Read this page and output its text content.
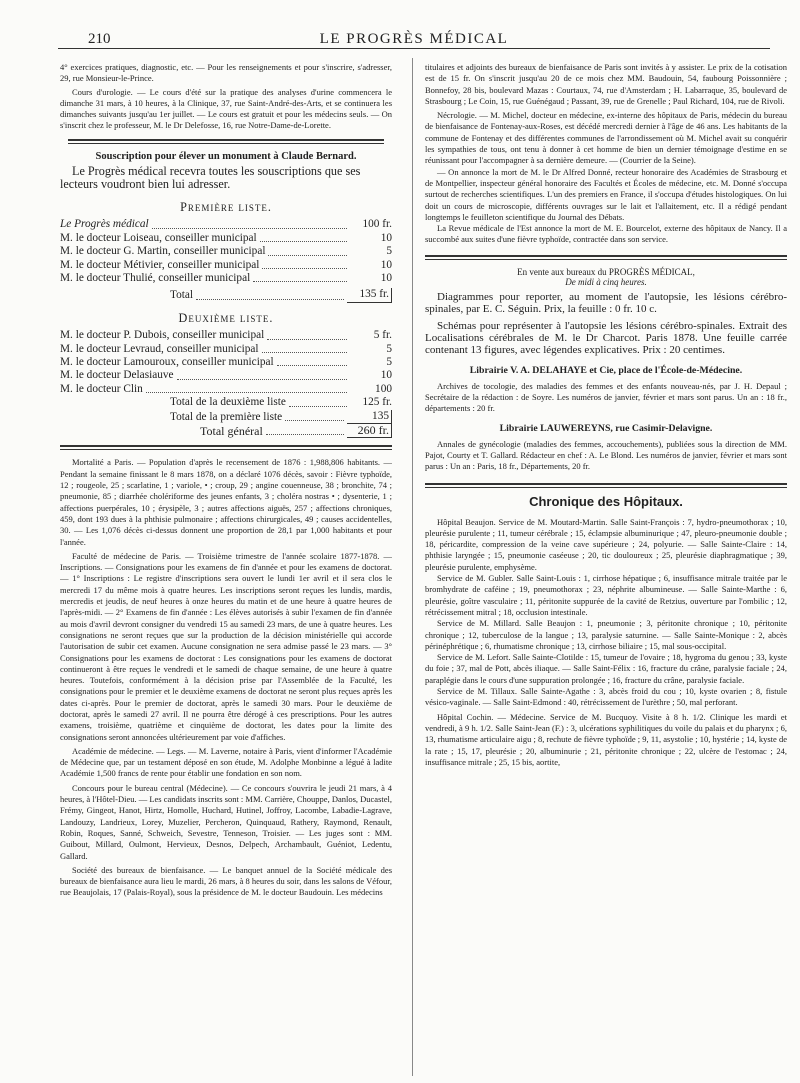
210	LE PROGRÈS MÉDICAL

4° exercices pratiques, diagnostic, etc. — Pour les renseignements et pour s'inscrire, s'adresser, 29, rue Monsieur-le-Prince.

Cours d'urologie. — Le cours d'été sur la pratique des analyses d'urine commencera le dimanche 31 mars, à 10 heures, à la Clinique, 37, rue Saint-André-des-Arts, et se continuera les dimanches suivants jusqu'au 1er juillet. — Le cours est gratuit et pour les médecins seuls. — On s'inscrit chez le professeur, M. le Dr Delefosse, 16, rue Notre-Dame-de-Lorette.

Souscription pour élever un monument à Claude Bernard.

Le Progrès médical recevra toutes les souscriptions que ses lecteurs voudront bien lui adresser.

Première liste.
Le Progrès médical	100 fr.
M. le docteur Loiseau, conseiller municipal	10
M. le docteur G. Martin, conseiller municipal	5
M. le docteur Métivier, conseiller municipal	10
M. le docteur Thulié, conseiller municipal	10
Total	135 fr.
Deuxième liste.
M. le docteur P. Dubois, conseiller municipal	5 fr.
M. le docteur Levraud, conseiller municipal	5
M. le docteur Lamouroux, conseiller municipal	5
M. le docteur Delasiauve	10
M. le docteur Clin	100
Total de la deuxième liste	125 fr.
Total de la première liste	135
Total général	260 fr.

Mortalité a Paris. — Population d'après le recensement de 1876 : 1,988,806 habitants. — Pendant la semaine finissant le 8 mars 1878, on a déclaré 1076 décès, savoir : Fièvre typhoïde, 12 ; rougeole, 25 ; scarlatine, 1 ; variole, • ; croup, 29 ; angine couenneuse, 38 ; bronchite, 74 ; pneumonie, 85 ; diarrhée cholériforme des jeunes enfants, 3 ; choléra nostras • ; dysenterie, 1 ; affections puerpérales, 10 ; érysipèle, 3 ; autres affections aiguës, 257 ; affections chroniques, 459, dont 193 dues à la phthisie pulmonaire ; affections chirurgicales, 49 ; causes accidentelles, 30. — Les 1,076 décès ci-dessus donnent une proportion de 28,1 par 1,000 habitants et pour l'année.

Faculté de médecine de Paris. — Troisième trimestre de l'année scolaire 1877-1878. — Inscriptions. — Consignations pour les examens de fin d'année et pour les examens de doctorat. — 1° Inscriptions : Le registre d'inscriptions sera ouvert le lundi 1er avril et il sera clos le mercredi 17 du même mois à quatre heures. Les inscriptions seront reçues les lundis, mardis, mercredis et jeudis, de neuf heures à onze heures du matin et de une heure à quatre heures de l'après-midi. — 2° Examens de fin d'année : Les élèves autorisés à subir l'examen de fin d'année au mois d'avril devront consigner du vendredi 15 au samedi 23 mars, de une à quatre heures. Les consignations ne seront reçues que sur la production de la décision ministérielle qui accorde l'autorisation de subir cet examen. Aucune consignation ne sera admise passé le 23 mars. — 3° Consignations pour les examens de doctorat : Les consignations pour les examens de doctorat continueront à être reçues le vendredi et le samedi de chaque semaine, de une heure à quatre heures. Toutefois, conformément à la décision prise par l'Assemblée de la Faculté, les consignations pour le premier et le deuxième examens de doctorat ne seront plus reçues après les dates ci-après. Pour le premier de doctorat, après le samedi 30 mars. Pour le deuxième de doctorat, après le samedi 27 avril. Il ne pourra être dérogé à ces prescriptions. Pour les autres examens, troisième, quatrième et cinquième de doctorat, les dates pour la limite des consignations seront annoncées ultérieurement par voie d'affiches.

Académie de médecine. — Legs. — M. Laverne, notaire à Paris, vient d'informer l'Académie de Médecine que, par un testament déposé en son étude, M. Adolphe Monbinne a légué à ladite Académie 1,500 francs de rente pour établir une fondation en son nom.

Concours pour le bureau central (Médecine). — Ce concours s'ouvrira le jeudi 21 mars, à 4 heures, à l'Hôtel-Dieu. — Les candidats inscrits sont : MM. Carrière, Chouppe, Danlos, Ducastel, Frémy, Gingeot, Hanot, Hirtz, Homolle, Huchard, Hutinel, Joffroy, Lacombe, Labadie-Lagrave, Landouzy, Landrieux, Lorey, Muzelier, Percheron, Quinquaud, Rathery, Raymond, Renault, Robin, Roques, Sanné, Schweich, Sevestre, Tenneson, Troisier. — Les juges sont : MM. Guibout, Millard, Oulmont, Hervieux, Desnos, Delpech, Archambault, Guéniot, Ledentu, Gallard.

Société des bureaux de bienfaisance. — Le banquet annuel de la Société médicale des bureaux de bienfaisance aura lieu le mardi, 26 mars, à 8 heures du soir, dans les salons de Véfour, rue Beaujolais, 17 (Palais-Royal), sous la présidence de M. le docteur Baudouin. Les médecins

titulaires et adjoints des bureaux de bienfaisance de Paris sont invités à y assister. Le prix de la cotisation est de 15 fr. On s'inscrit jusqu'au 20 de ce mois chez MM. Baudouin, 54, faubourg Poissonnière ; Bonnefoy, 28 bis, boulevard Mazas : Courtaux, 74, rue d'Amsterdam ; H. Labarraque, 35, boulevard de Strasbourg ; Le Coin, 15, rue Guénégaud ; Passant, 39, rue de Grenelle ; Paul Richard, 104, rue de Rivoli.

Nécrologie. — M. Michel, docteur en médecine, ex-interne des hôpitaux de Paris, médecin du bureau de bienfaisance de Fontenay-aux-Roses, est décédé mercredi dernier à l'âge de 46 ans. Les habitants de la commune de Fontenay et des différentes communes de l'arrondissement où M. Michel avait su conquérir les sympathies de tous, ont tenu à donner à cet homme de bien un dernier témoignage d'estime en se réunissant pour l'accompagner à sa dernière demeure. — (Courrier de la Seine).

— On annonce la mort de M. le Dr Alfred Donné, recteur honoraire des Académies de Strasbourg et de Montpellier, inspecteur général honoraire des Facultés et Écoles de médecine, etc. M. Donné s'occupa surtout de recherches scientifiques. L'un des premiers en France, il s'occupa d'études histologiques. On lui doit un cours de microscopie, différents ouvrages sur le lait et l'allaitement, etc. Il a rédigé pendant longtemps le feuilleton scientifique du Journal des Débats.

La Revue médicale de l'Est annonce la mort de M. E. Bourcelot, externe des hôpitaux de Nancy. Il a succombé aux suites d'une fièvre typhoïde, contractée dans son service.

En vente aux bureaux du PROGRÈS MÉDICAL,
De midi à cinq heures.

Diagrammes pour reporter, au moment de l'autopsie, les lésions cérébro-spinales, par E. C. Séguin. Prix, la feuille : 0 fr. 10 c.

Schémas pour représenter à l'autopsie les lésions cérébro-spinales. Extrait des Localisations cérébrales de M. le Dr Charcot. Paris 1878. Une feuille carrée contenant 13 figures, avec légendes explicatives. Prix : 20 centimes.

Librairie V. A. DELAHAYE et Cie, place de l'École-de-Médecine.

Archives de tocologie, des maladies des femmes et des enfants nouveau-nés, par J. H. Depaul ; Secrétaire de la rédaction : de Soyre. Les numéros de janvier, février et mars sont parus. Un an : 18 fr., départements : 20 fr.

Librairie LAUWEREYNS, rue Casimir-Delavigne.

Annales de gynécologie (maladies des femmes, accouchements), publiées sous la direction de MM. Pajot, Courty et T. Gallard. Rédacteur en chef : A. Le Blond. Les numéros de janvier, février et mars sont parus : Un an : Paris, 18 fr., Départements, 20 fr.

Chronique des Hôpitaux.

Hôpital Beaujon. Service de M. Moutard-Martin. Salle Saint-François : 7, hydro-pneumothorax ; 10, pleurésie purulente ; 11, tumeur cérébrale ; 15, éclampsie albuminurique ; 47, pleuro-pneumonie double ; 18, péricardite, compression de la veine cave supérieure ; 24, polyurie. — Salle Sainte-Claire : 14, phthisie laryngée ; 15, pneumonie caséeuse ; 20, tic douloureux ; 25, pleurésie diaphragmatique ; 39, pleurésie purulente, emphysème.

Service de M. Gubler. Salle Saint-Louis : 1, cirrhose hépatique ; 6, insuffisance mitrale traitée par le bromhydrate de caféine ; 19, pneumothorax ; 23, néphrite albumineuse. — Salle Sainte-Marthe : 6, pleurésie, goître vasculaire ; 11, péritonite suppurée de la cavité de Retzius, ouverture par l'ombilic ; 12, rétrécissement mitral ; 18, occlusion intestinale.

Service de M. Millard. Salle Beaujon : 1, pneumonie ; 3, péritonite chronique ; 10, péritonite chronique ; 12, tuberculose de la langue ; 13, paralysie saturnine. — Salle Sainte-Monique : 2, abcès périnéphrétique ; 6, rhumatisme chronique ; 13, cirrhose biliaire ; 15, mal sous-occipital.

Service de M. Lefort. Salle Sainte-Clotilde : 15, tumeur de l'ovaire ; 18, hygroma du genou ; 33, kyste du foie ; 37, mal de Pott, abcès iliaque. — Salle Saint-Félix : 16, fracture du crâne, paralysie faciale ; 24, paraplégie dans le cours d'une suppuration prolongée ; 16, fracture du crâne, paralysie faciale.

Service de M. Tillaux. Salle Sainte-Agathe : 3, abcès froid du cou ; 10, kyste ovarien ; 8, fistule vésico-vaginale. — Salle Saint-Edmond : 40, rétrécissement de l'urèthre ; 50, mal perforant.

Hôpital Cochin. — Médecine. Service de M. Bucquoy. Visite à 8 h. 1/2. Clinique les mardi et vendredi, à 9 h. 1/2. Salle Saint-Jean (F.) : 3, ulcérations syphilitiques du voile du palais et du pharynx ; 6, 13, rhumatisme articulaire aigu ; 8, rechute de fièvre typhoïde ; 9, 11, asystolie ; 10, hystérie ; 14, kyste de la rate ; 15, 17, pleurésie ; 20, albuminurie ; 21, péritonite chronique ; 22, ulcère de l'estomac ; 24, insuffisance mitrale ; 25, 15 bis, aortite,
